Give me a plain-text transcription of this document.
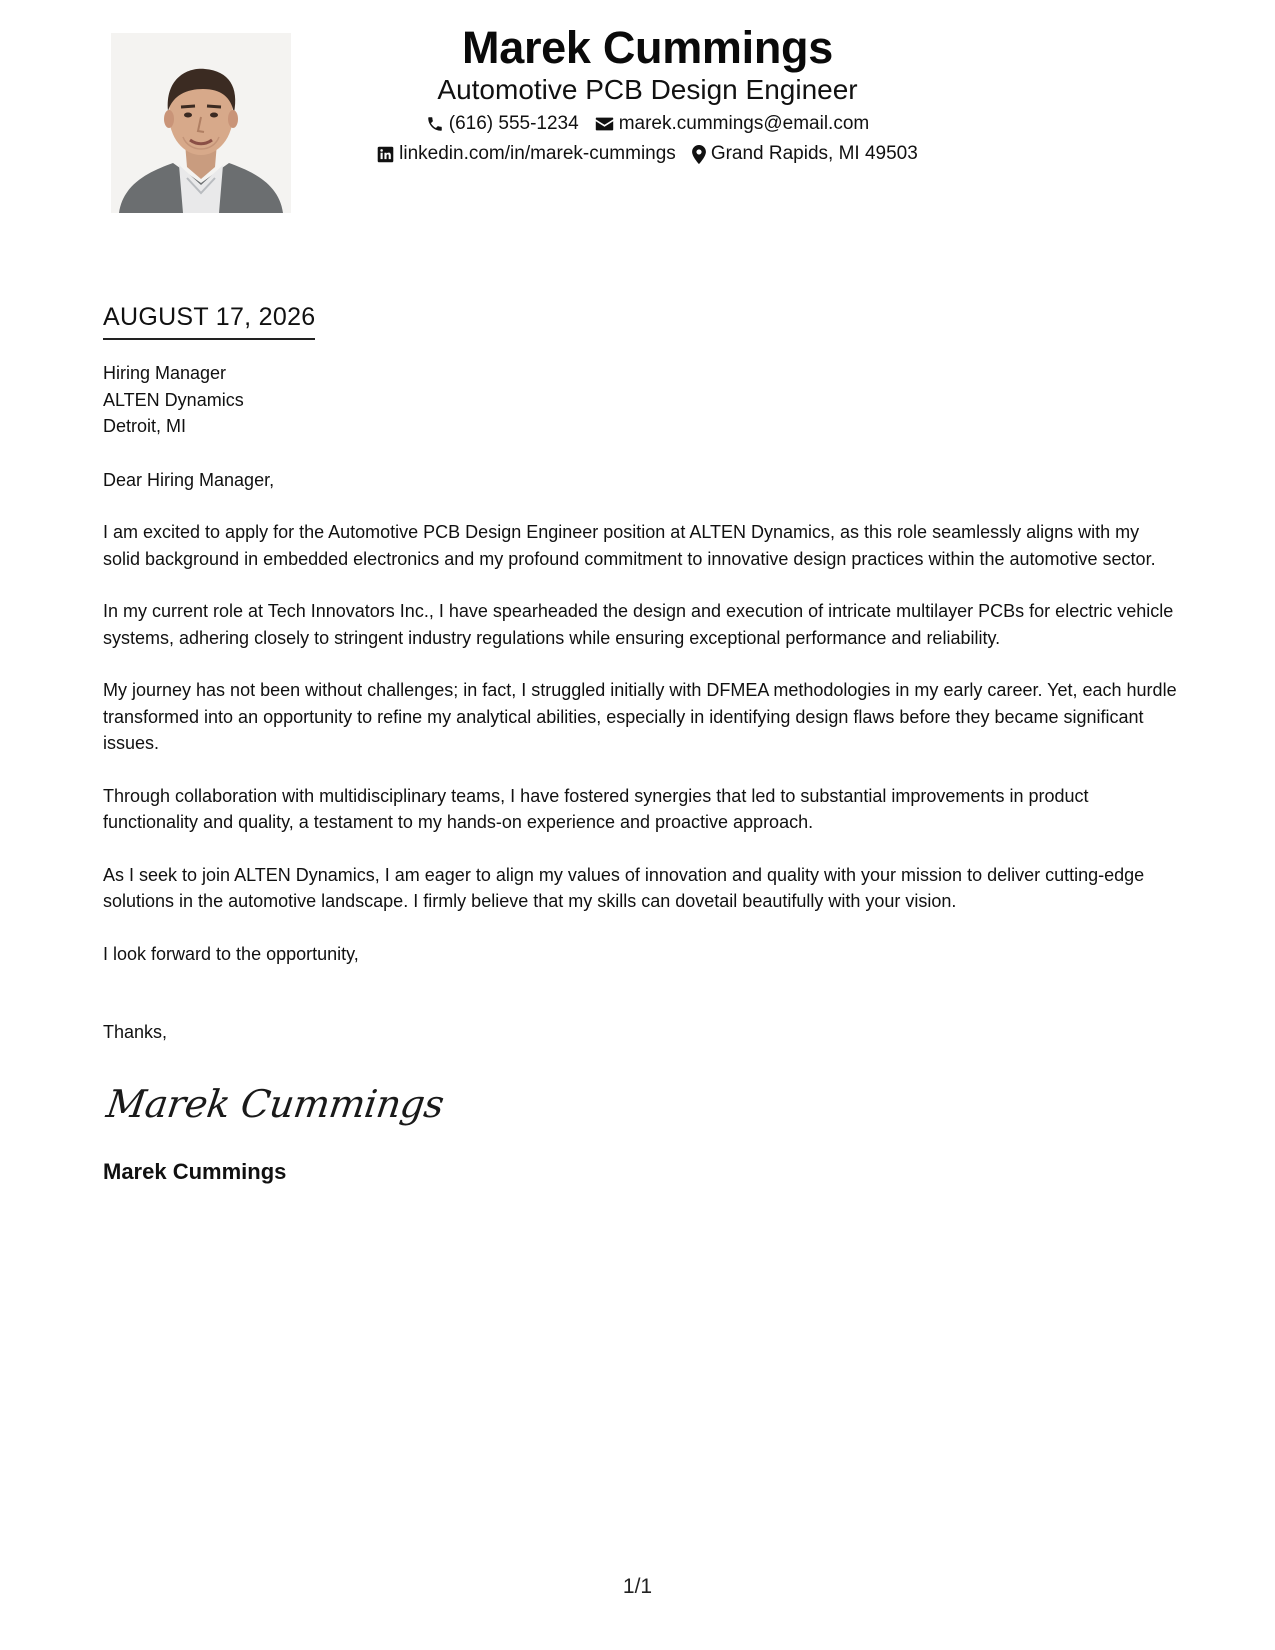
Marek Cummings
Automotive PCB Design Engineer
(616) 555-1234 marek.cummings@email.com
linkedin.com/in/marek-cummings Grand Rapids, MI 49503
AUGUST 17, 2026
Hiring Manager
ALTEN Dynamics
Detroit, MI

Dear Hiring Manager,

I am excited to apply for the Automotive PCB Design Engineer position at ALTEN Dynamics, as this role seamlessly aligns with my solid background in embedded electronics and my profound commitment to innovative design practices within the automotive sector.

In my current role at Tech Innovators Inc., I have spearheaded the design and execution of intricate multilayer PCBs for electric vehicle systems, adhering closely to stringent industry regulations while ensuring exceptional performance and reliability.

My journey has not been without challenges; in fact, I struggled initially with DFMEA methodologies in my early career. Yet, each hurdle transformed into an opportunity to refine my analytical abilities, especially in identifying design flaws before they became significant issues.

Through collaboration with multidisciplinary teams, I have fostered synergies that led to substantial improvements in product functionality and quality, a testament to my hands-on experience and proactive approach.

As I seek to join ALTEN Dynamics, I am eager to align my values of innovation and quality with your mission to deliver cutting-edge solutions in the automotive landscape. I firmly believe that my skills can dovetail beautifully with your vision.

I look forward to the opportunity,

Thanks,

Marek Cummings
Marek Cummings
1/1
